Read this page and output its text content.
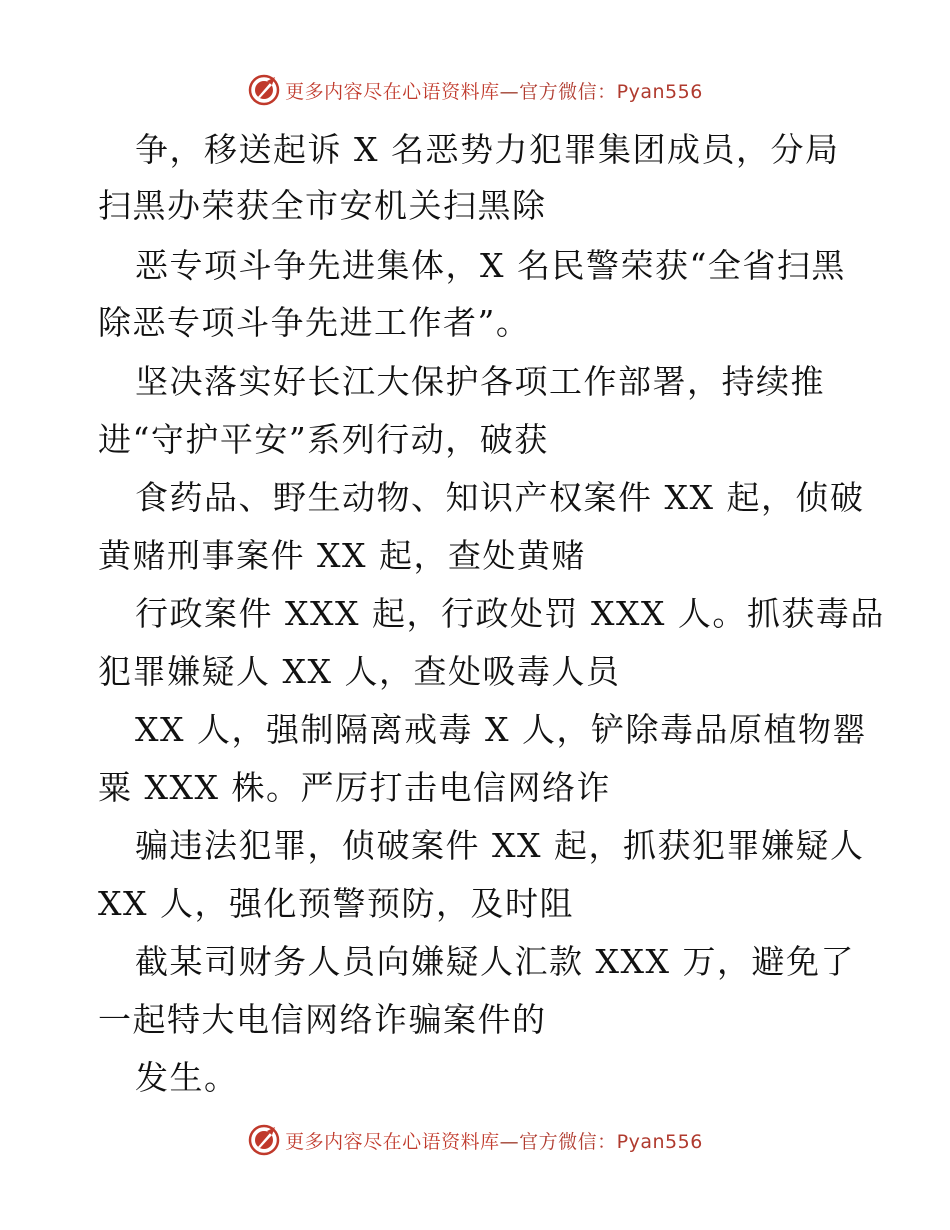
更多内容尽在心语资料库—官方微信：Pyan556
争，移送起诉 X 名恶势力犯罪集团成员，分局
扫黑办荣获全市安机关扫黑除
恶专项斗争先进集体，X 名民警荣获“全省扫黑
除恶专项斗争先进工作者”。
坚决落实好长江大保护各项工作部署，持续推
进“守护平安”系列行动，破获
食药品、野生动物、知识产权案件 XX 起，侦破
黄赌刑事案件 XX 起，查处黄赌
行政案件 XXX 起，行政处罚 XXX 人。抓获毒品
犯罪嫌疑人 XX 人，查处吸毒人员
XX 人，强制隔离戒毒 X 人，铲除毒品原植物罂
粟 XXX 株。严厉打击电信网络诈
骗违法犯罪，侦破案件 XX 起，抓获犯罪嫌疑人
XX 人，强化预警预防，及时阻
截某司财务人员向嫌疑人汇款 XXX 万，避免了
一起特大电信网络诈骗案件的
发生。
更多内容尽在心语资料库—官方微信：Pyan556
